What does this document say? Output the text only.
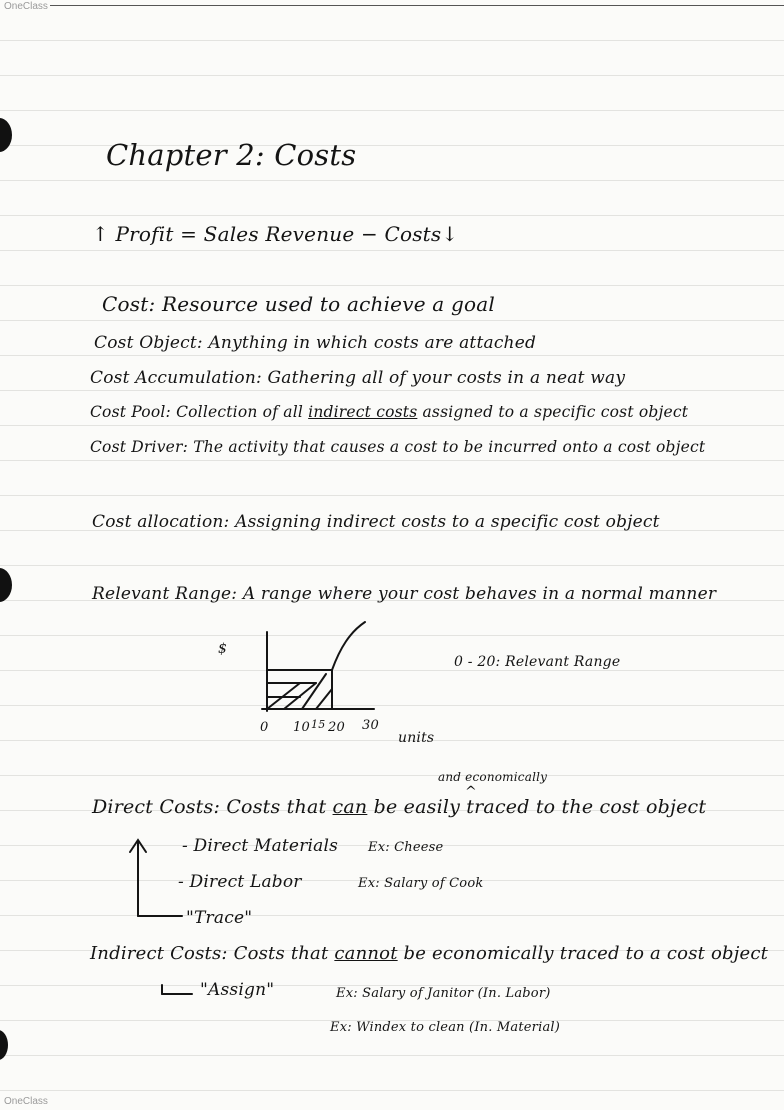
OneClass
OneClass
Chapter 2: Costs
↑ Profit = Sales Revenue − Costs↓
Cost: Resource used to achieve a goal
Cost Object: Anything in which costs are attached
Cost Accumulation: Gathering all of your costs in a neat way
Cost Pool: Collection of all indirect costs assigned to a specific cost object
Cost Driver: The activity that causes a cost to be incurred onto a cost object
Cost allocation: Assigning indirect costs to a specific cost object
Relevant Range: A range where your cost behaves in a normal manner
$
0 10 15 20 30
units
0 - 20: Relevant Range
and economically
^
Direct Costs: Costs that can be easily traced to the cost object
- Direct Materials Ex: Cheese
- Direct Labor	Ex: Salary of Cook
"Trace"
Indirect Costs: Costs that cannot be economically traced to a cost object
"Assign"	Ex: Salary of Janitor (In. Labor)
Ex: Windex to clean (In. Material)
